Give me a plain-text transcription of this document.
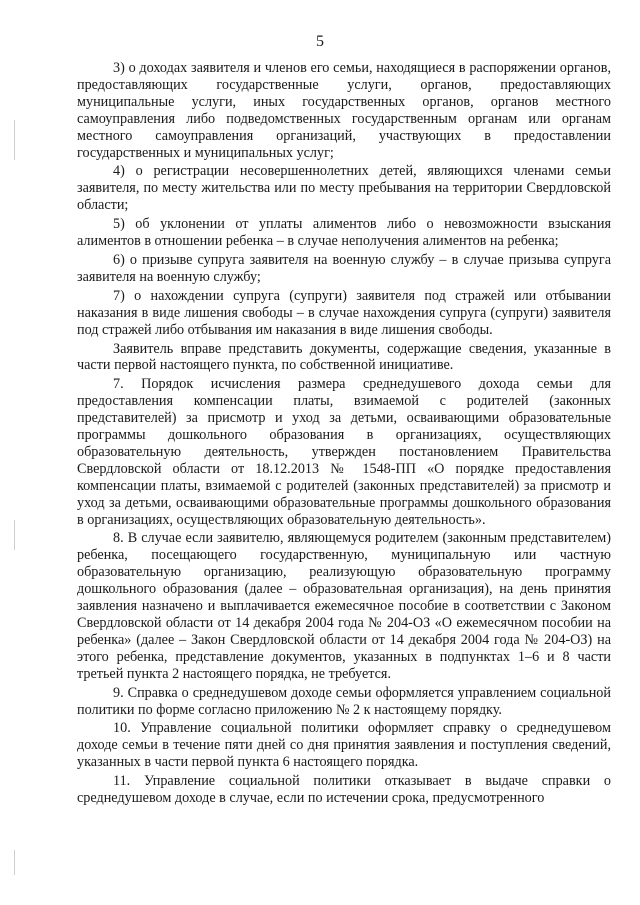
5

3) о доходах заявителя и членов его семьи, находящиеся в распоряжении органов, предоставляющих государственные услуги, органов, предоставляющих муниципальные услуги, иных государственных органов, органов местного самоуправления либо подведомственных государственным органам или органам местного самоуправления организаций, участвующих в предоставлении государственных и муниципальных услуг;

4) о регистрации несовершеннолетних детей, являющихся членами семьи заявителя, по месту жительства или по месту пребывания на территории Свердловской области;

5) об уклонении от уплаты алиментов либо о невозможности взыскания алиментов в отношении ребенка – в случае неполучения алиментов на ребенка;

6) о призыве супруга заявителя на военную службу – в случае призыва супруга заявителя на военную службу;

7) о нахождении супруга (супруги) заявителя под стражей или отбывании наказания в виде лишения свободы – в случае нахождения супруга (супруги) заявителя под стражей либо отбывания им наказания в виде лишения свободы.

Заявитель вправе представить документы, содержащие сведения, указанные в части первой настоящего пункта, по собственной инициативе.

7. Порядок исчисления размера среднедушевого дохода семьи для предоставления компенсации платы, взимаемой с родителей (законных представителей) за присмотр и уход за детьми, осваивающими образовательные программы дошкольного образования в организациях, осуществляющих образовательную деятельность, утвержден постановлением Правительства Свердловской области от 18.12.2013 № 1548-ПП «О порядке предоставления компенсации платы, взимаемой с родителей (законных представителей) за присмотр и уход за детьми, осваивающими образовательные программы дошкольного образования в организациях, осуществляющих образовательную деятельность».

8. В случае если заявителю, являющемуся родителем (законным представителем) ребенка, посещающего государственную, муниципальную или частную образовательную организацию, реализующую образовательную программу дошкольного образования (далее – образовательная организация), на день принятия заявления назначено и выплачивается ежемесячное пособие в соответствии с Законом Свердловской области от 14 декабря 2004 года № 204-ОЗ «О ежемесячном пособии на ребенка» (далее – Закон Свердловской области от 14 декабря 2004 года № 204-ОЗ) на этого ребенка, представление документов, указанных в подпунктах 1–6 и 8 части третьей пункта 2 настоящего порядка, не требуется.

9. Справка о среднедушевом доходе семьи оформляется управлением социальной политики по форме согласно приложению № 2 к настоящему порядку.

10. Управление социальной политики оформляет справку о среднедушевом доходе семьи в течение пяти дней со дня принятия заявления и поступления сведений, указанных в части первой пункта 6 настоящего порядка.

11. Управление социальной политики отказывает в выдаче справки о среднедушевом доходе в случае, если по истечении срока, предусмотренного
